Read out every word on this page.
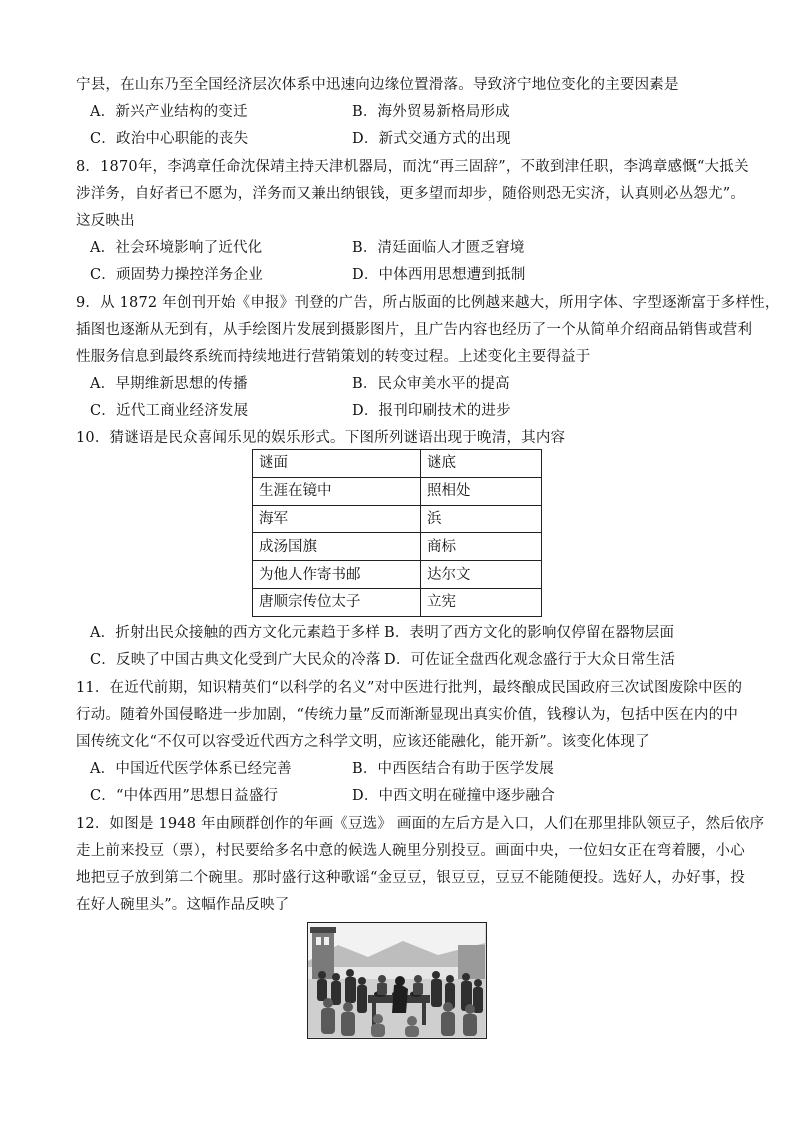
宁县，在山东乃至全国经济层次体系中迅速向边缘位置滑落。导致济宁地位变化的主要因素是
A．新兴产业结构的变迁	B．海外贸易新格局形成
C．政治中心职能的丧失	D．新式交通方式的出现
8．1870年，李鸿章任命沈保靖主持天津机器局，而沈“再三固辞”，不敢到津任职，李鸿章感慨“大抵关
涉洋务，自好者已不愿为，洋务而又兼出纳银钱，更多望而却步，随俗则恐无实济，认真则必丛怨尤”。
这反映出
A．社会环境影响了近代化	B．清廷面临人才匮乏窘境
C．顽固势力操控洋务企业	D．中体西用思想遭到抵制
9．从 1872 年创刊开始《申报》刊登的广告，所占版面的比例越来越大，所用字体、字型逐渐富于多样性，
插图也逐渐从无到有，从手绘图片发展到摄影图片，且广告内容也经历了一个从简单介绍商品销售或营利
性服务信息到最终系统而持续地进行营销策划的转变过程。上述变化主要得益于
A．早期维新思想的传播	B．民众审美水平的提高
C．近代工商业经济发展	D．报刊印刷技术的进步
10．猜谜语是民众喜闻乐见的娱乐形式。下图所列谜语出现于晚清，其内容
谜面	谜底
生涯在镜中	照相处
海军	浜
成汤国旗	商标
为他人作寄书邮	达尔文
唐顺宗传位太子	立宪
A．折射出民众接触的西方文化元素趋于多样 B．表明了西方文化的影响仅停留在器物层面
C．反映了中国古典文化受到广大民众的冷落 D．可佐证全盘西化观念盛行于大众日常生活
11．在近代前期，知识精英们“以科学的名义”对中医进行批判，最终酿成民国政府三次试图废除中医的
行动。随着外国侵略进一步加剧，“传统力量”反而渐渐显现出真实价值，钱穆认为，包括中医在内的中
国传统文化“不仅可以容受近代西方之科学文明，应该还能融化，能开新”。该变化体现了
A．中国近代医学体系已经完善	B．中西医结合有助于医学发展
C．“中体西用”思想日益盛行	D．中西文明在碰撞中逐步融合
12．如图是 1948 年由顾群创作的年画《豆选》 画面的左后方是入口，人们在那里排队领豆子，然后依序
走上前来投豆（票），村民要给多名中意的候选人碗里分别投豆。画面中央，一位妇女正在弯着腰，小心
地把豆子放到第二个碗里。那时盛行这种歌谣“金豆豆，银豆豆，豆豆不能随便投。选好人，办好事，投
在好人碗里头”。这幅作品反映了
